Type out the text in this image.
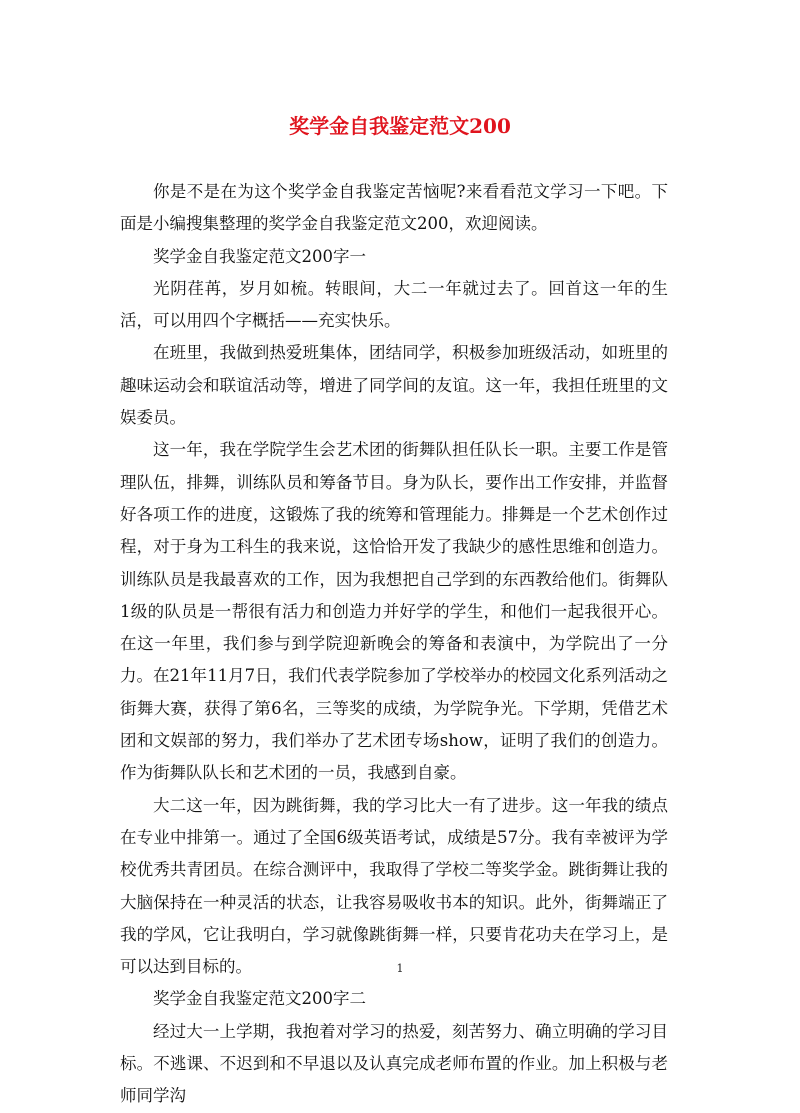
奖学金自我鉴定范文200

你是不是在为这个奖学金自我鉴定苦恼呢?来看看范文学习一下吧。下面是小编搜集整理的奖学金自我鉴定范文200，欢迎阅读。

奖学金自我鉴定范文200字一

光阴荏苒，岁月如梳。转眼间，大二一年就过去了。回首这一年的生活，可以用四个字概括——充实快乐。

在班里，我做到热爱班集体，团结同学，积极参加班级活动，如班里的趣味运动会和联谊活动等，增进了同学间的友谊。这一年，我担任班里的文娱委员。

这一年，我在学院学生会艺术团的街舞队担任队长一职。主要工作是管理队伍，排舞，训练队员和筹备节目。身为队长，要作出工作安排，并监督好各项工作的进度，这锻炼了我的统筹和管理能力。排舞是一个艺术创作过程，对于身为工科生的我来说，这恰恰开发了我缺少的感性思维和创造力。训练队员是我最喜欢的工作，因为我想把自己学到的东西教给他们。街舞队1级的队员是一帮很有活力和创造力并好学的学生，和他们一起我很开心。在这一年里，我们参与到学院迎新晚会的筹备和表演中，为学院出了一分力。在21年11月7日，我们代表学院参加了学校举办的校园文化系列活动之街舞大赛，获得了第6名，三等奖的成绩，为学院争光。下学期，凭借艺术团和文娱部的努力，我们举办了艺术团专场show，证明了我们的创造力。作为街舞队队长和艺术团的一员，我感到自豪。

大二这一年，因为跳街舞，我的学习比大一有了进步。这一年我的绩点在专业中排第一。通过了全国6级英语考试，成绩是57分。我有幸被评为学校优秀共青团员。在综合测评中，我取得了学校二等奖学金。跳街舞让我的大脑保持在一种灵活的状态，让我容易吸收书本的知识。此外，街舞端正了我的学风，它让我明白，学习就像跳街舞一样，只要肯花功夫在学习上，是可以达到目标的。

奖学金自我鉴定范文200字二

经过大一上学期，我抱着对学习的热爱，刻苦努力、确立明确的学习目标。不逃课、不迟到和不早退以及认真完成老师布置的作业。加上积极与老师同学沟

1
